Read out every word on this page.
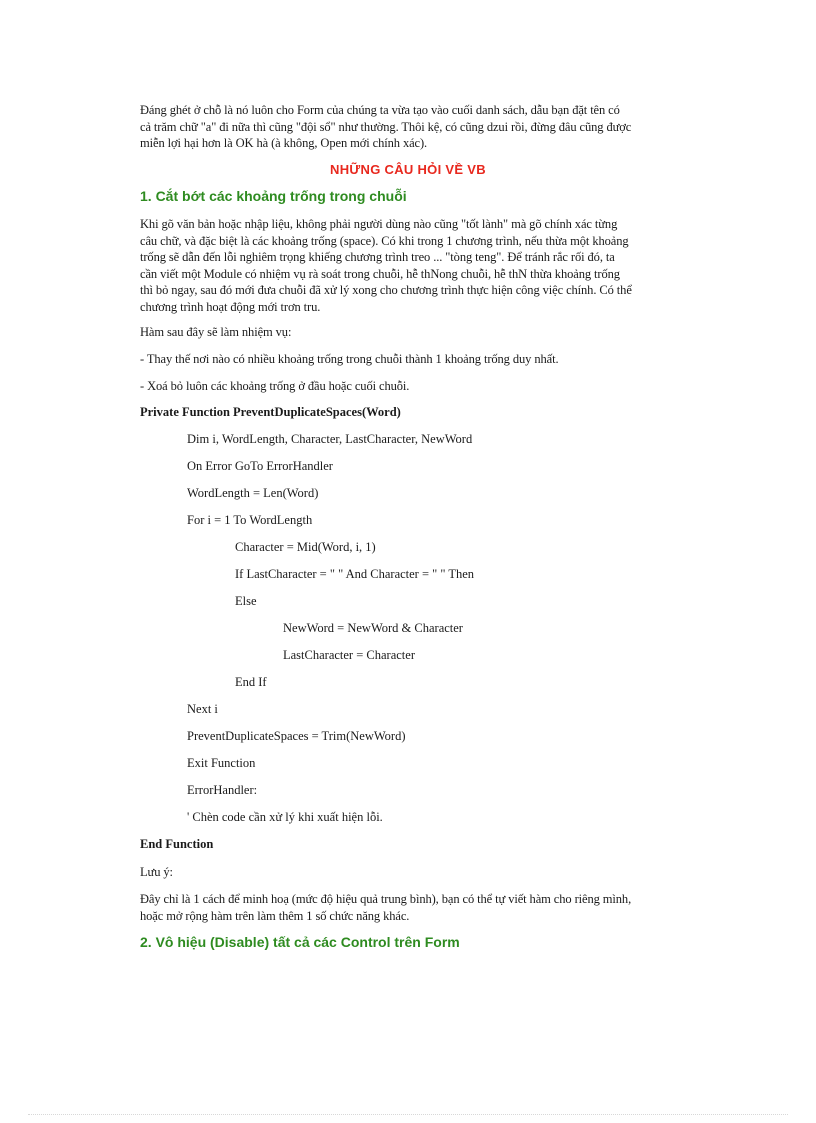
Đáng ghét ở chỗ là nó luôn cho Form của chúng ta vừa tạo vào cuối danh sách, dẫu bạn đặt tên có
cả trăm chữ "a" đi nữa thì cũng "đội sổ" như thường. Thôi kệ, có cũng dzui rồi, đừng đâu cũng được
miễn lợi hại hơn là OK hà (à không, Open mới chính xác).
NHỮNG CÂU HỎI VỀ VB
1. Cắt bớt các khoảng trống trong chuỗi
Khi gõ văn bản hoặc nhập liệu, không phải người dùng nào cũng "tốt lành" mà gõ chính xác từng
câu chữ, và đặc biệt là các khoảng trống (space). Có khi trong 1 chương trình, nếu thừa một khoảng
trống sẽ dẫn đến lỗi nghiêm trọng khiếng chương trình treo ... "tòng teng". Để tránh rắc rối đó, ta
cần viết một Module có nhiệm vụ rà soát trong chuỗi, hễ thNong chuỗi, hễ thN thừa khoảng trống
thì bỏ ngay, sau đó mới đưa chuỗi đã xử lý xong cho chương trình thực hiện công việc chính. Có thể
chương trình hoạt động mới trơn tru.
Hàm sau đây sẽ làm nhiệm vụ:
- Thay thế nơi nào có nhiều khoảng trống trong chuỗi thành 1 khoảng trống duy nhất.
- Xoá bỏ luôn các khoảng trống ở đầu hoặc cuối chuỗi.
Private Function PreventDuplicateSpaces(Word)
Dim i, WordLength, Character, LastCharacter, NewWord
On Error GoTo ErrorHandler
WordLength = Len(Word)
For i = 1 To WordLength
Character = Mid(Word, i, 1)
If LastCharacter = " " And Character = " " Then
Else
NewWord = NewWord & Character
LastCharacter = Character
End If
Next i
PreventDuplicateSpaces = Trim(NewWord)
Exit Function
ErrorHandler:
' Chèn code cần xử lý khi xuất hiện lỗi.
End Function
Lưu ý:
Đây chỉ là 1 cách để minh hoạ (mức độ hiệu quả trung bình), bạn có thể tự viết hàm cho riêng mình,
hoặc mở rộng hàm trên làm thêm 1 số chức năng khác.
2. Vô hiệu (Disable) tất cả các Control trên Form
